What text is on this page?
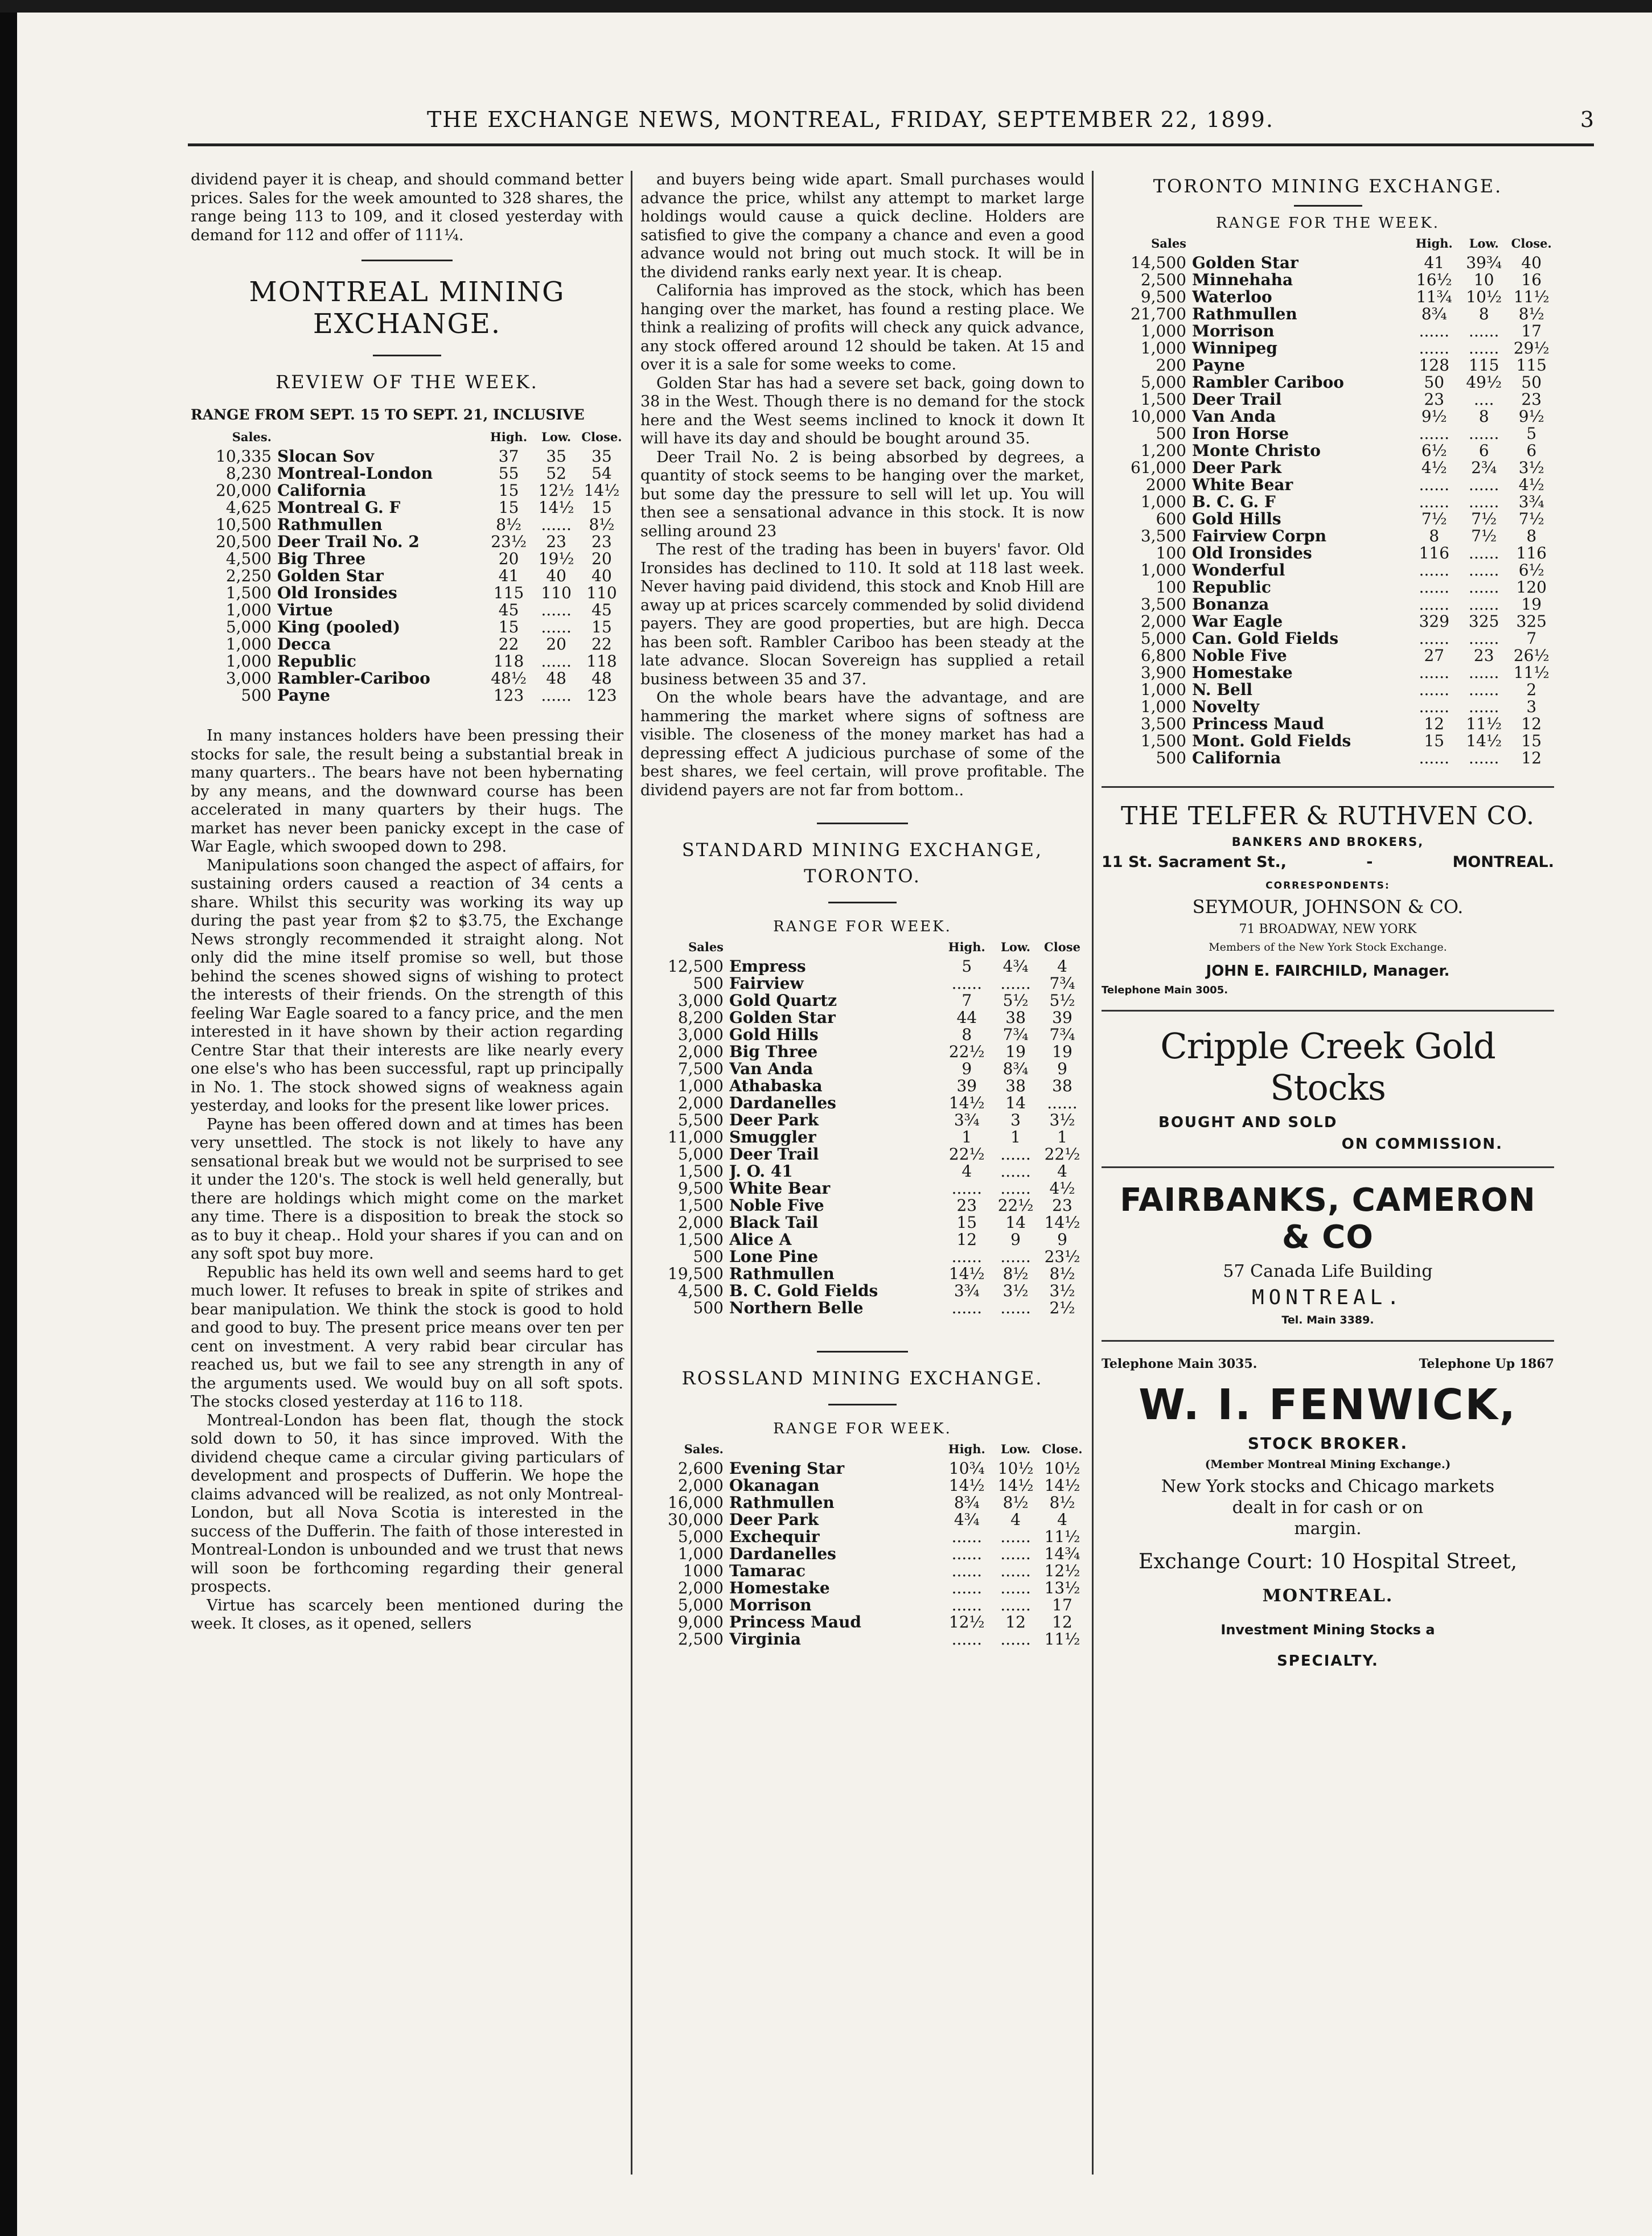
THE EXCHANGE NEWS, MONTREAL, FRIDAY, SEPTEMBER 22, 1899.	3

dividend payer it is cheap, and should command better prices. Sales for the week amounted to 328 shares, the range being 113 to 109, and it closed yesterday with demand for 112 and offer of 111¼.

MONTREAL MINING EXCHANGE.
REVIEW OF THE WEEK.
RANGE FROM SEPT. 15 TO SEPT. 21, INCLUSIVE
Sales.		High.	Low.	Close.
10,335	Slocan Sov	37	35	35
8,230	Montreal-London	55	52	54
20,000	California	15	12½	14½
4,625	Montreal G. F	15	14½	15
10,500	Rathmullen	8½	......	8½
20,500	Deer Trail No. 2	23½	23	23
4,500	Big Three	20	19½	20
2,250	Golden Star	41	40	40
1,500	Old Ironsides	115	110	110
1,000	Virtue	45	......	45
5,000	King (pooled)	15	......	15
1,000	Decca	22	20	22
1,000	Republic	118	......	118
3,000	Rambler-Cariboo	48½	48	48
500	Payne	123	......	123

In many instances holders have been pressing their stocks for sale, the result being a substantial break in many quarters.. The bears have not been hybernating by any means, and the downward course has been accelerated in many quarters by their hugs. The market has never been panicky except in the case of War Eagle, which swooped down to 298.

Manipulations soon changed the aspect of affairs, for sustaining orders caused a reaction of 34 cents a share. Whilst this security was working its way up during the past year from $2 to $3.75, the Exchange News strongly recommended it straight along. Not only did the mine itself promise so well, but those behind the scenes showed signs of wishing to protect the interests of their friends. On the strength of this feeling War Eagle soared to a fancy price, and the men interested in it have shown by their action regarding Centre Star that their interests are like nearly every one else's who has been successful, rapt up principally in No. 1. The stock showed signs of weakness again yesterday, and looks for the present like lower prices.

Payne has been offered down and at times has been very unsettled. The stock is not likely to have any sensational break but we would not be surprised to see it under the 120's. The stock is well held generally, but there are holdings which might come on the market any time. There is a disposition to break the stock so as to buy it cheap.. Hold your shares if you can and on any soft spot buy more.

Republic has held its own well and seems hard to get much lower. It refuses to break in spite of strikes and bear manipulation. We think the stock is good to hold and good to buy. The present price means over ten per cent on investment. A very rabid bear circular has reached us, but we fail to see any strength in any of the arguments used. We would buy on all soft spots. The stocks closed yesterday at 116 to 118.

Montreal-London has been flat, though the stock sold down to 50, it has since improved. With the dividend cheque came a circular giving particulars of development and prospects of Dufferin. We hope the claims advanced will be realized, as not only Montreal-London, but all Nova Scotia is interested in the success of the Dufferin. The faith of those interested in Montreal-London is unbounded and we trust that news will soon be forthcoming regarding their general prospects.

Virtue has scarcely been mentioned during the week. It closes, as it opened, sellers

and buyers being wide apart. Small purchases would advance the price, whilst any attempt to market large holdings would cause a quick decline. Holders are satisfied to give the company a chance and even a good advance would not bring out much stock. It will be in the dividend ranks early next year. It is cheap.

California has improved as the stock, which has been hanging over the market, has found a resting place. We think a realizing of profits will check any quick advance, any stock offered around 12 should be taken. At 15 and over it is a sale for some weeks to come.

Golden Star has had a severe set back, going down to 38 in the West. Though there is no demand for the stock here and the West seems inclined to knock it down It will have its day and should be bought around 35.

Deer Trail No. 2 is being absorbed by degrees, a quantity of stock seems to be hanging over the market, but some day the pressure to sell will let up. You will then see a sensational advance in this stock. It is now selling around 23

The rest of the trading has been in buyers' favor. Old Ironsides has declined to 110. It sold at 118 last week. Never having paid dividend, this stock and Knob Hill are away up at prices scarcely commended by solid dividend payers. They are good properties, but are high. Decca has been soft. Rambler Cariboo has been steady at the late advance. Slocan Sovereign has supplied a retail business between 35 and 37.

On the whole bears have the advantage, and are hammering the market where signs of softness are visible. The closeness of the money market has had a depressing effect A judicious purchase of some of the best shares, we feel certain, will prove profitable. The dividend payers are not far from bottom..

STANDARD MINING EXCHANGE,
TORONTO.
RANGE FOR WEEK.
Sales		High.	Low.	Close
12,500	Empress	5	4¾	4
500	Fairview	......	......	7¾
3,000	Gold Quartz	7	5½	5½
8,200	Golden Star	44	38	39
3,000	Gold Hills	8	7¾	7¾
2,000	Big Three	22½	19	19
7,500	Van Anda	9	8¾	9
1,000	Athabaska	39	38	38
2,000	Dardanelles	14½	14	......
5,500	Deer Park	3¾	3	3½
11,000	Smuggler	1	1	1
5,000	Deer Trail	22½	......	22½
1,500	J. O. 41	4	......	4
9,500	White Bear	......	......	4½
1,500	Noble Five	23	22½	23
2,000	Black Tail	15	14	14½
1,500	Alice A	12	9	9
500	Lone Pine	......	......	23½
19,500	Rathmullen	14½	8½	8½
4,500	B. C. Gold Fields	3¾	3½	3½
500	Northern Belle	......	......	2½
ROSSLAND MINING EXCHANGE.
RANGE FOR WEEK.
Sales.		High.	Low.	Close.
2,600	Evening Star	10¾	10½	10½
2,000	Okanagan	14½	14½	14½
16,000	Rathmullen	8¾	8½	8½
30,000	Deer Park	4¾	4	4
5,000	Exchequir	......	......	11½
1,000	Dardanelles	......	......	14¾
1000	Tamarac	......	......	12½
2,000	Homestake	......	......	13½
5,000	Morrison	......	......	17
9,000	Princess Maud	12½	12	12
2,500	Virginia	......	......	11½
TORONTO MINING EXCHANGE.
RANGE FOR THE WEEK.
Sales		High.	Low.	Close.
14,500	Golden Star	41	39¾	40
2,500	Minnehaha	16½	10	16
9,500	Waterloo	11¾	10½	11½
21,700	Rathmullen	8¾	8	8½
1,000	Morrison	......	......	17
1,000	Winnipeg	......	......	29½
200	Payne	128	115	115
5,000	Rambler Cariboo	50	49½	50
1,500	Deer Trail	23	....	23
10,000	Van Anda	9½	8	9½
500	Iron Horse	......	......	5
1,200	Monte Christo	6½	6	6
61,000	Deer Park	4½	2¾	3½
2000	White Bear	......	......	4½
1,000	B. C. G. F	......	......	3¾
600	Gold Hills	7½	7½	7½
3,500	Fairview Corpn	8	7½	8
100	Old Ironsides	116	......	116
1,000	Wonderful	......	......	6½
100	Republic	......	......	120
3,500	Bonanza	......	......	19
2,000	War Eagle	329	325	325
5,000	Can. Gold Fields	......	......	7
6,800	Noble Five	27	23	26½
3,900	Homestake	......	......	11½
1,000	N. Bell	......	......	2
1,000	Novelty	......	......	3
3,500	Princess Maud	12	11½	12
1,500	Mont. Gold Fields	15	14½	15
500	California	......	......	12
THE TELFER & RUTHVEN CO.
BANKERS AND BROKERS,
11 St. Sacrament St.,	-	MONTREAL.
CORRESPONDENTS:
SEYMOUR, JOHNSON & CO.
71 BROADWAY, NEW YORK
Members of the New York Stock Exchange.
JOHN E. FAIRCHILD, Manager.
Telephone Main 3005.
Cripple Creek Gold Stocks
BOUGHT AND SOLD
ON COMMISSION.
FAIRBANKS, CAMERON & CO
57 Canada Life Building
MONTREAL.
Tel. Main 3389.
Telephone Main 3035.	Telephone Up 1867
W. I. FENWICK,
STOCK BROKER.
(Member Montreal Mining Exchange.)
New York stocks and Chicago markets
dealt in for cash or on
margin.
Exchange Court: 10 Hospital Street,
MONTREAL.
Investment Mining Stocks a
SPECIALTY.
